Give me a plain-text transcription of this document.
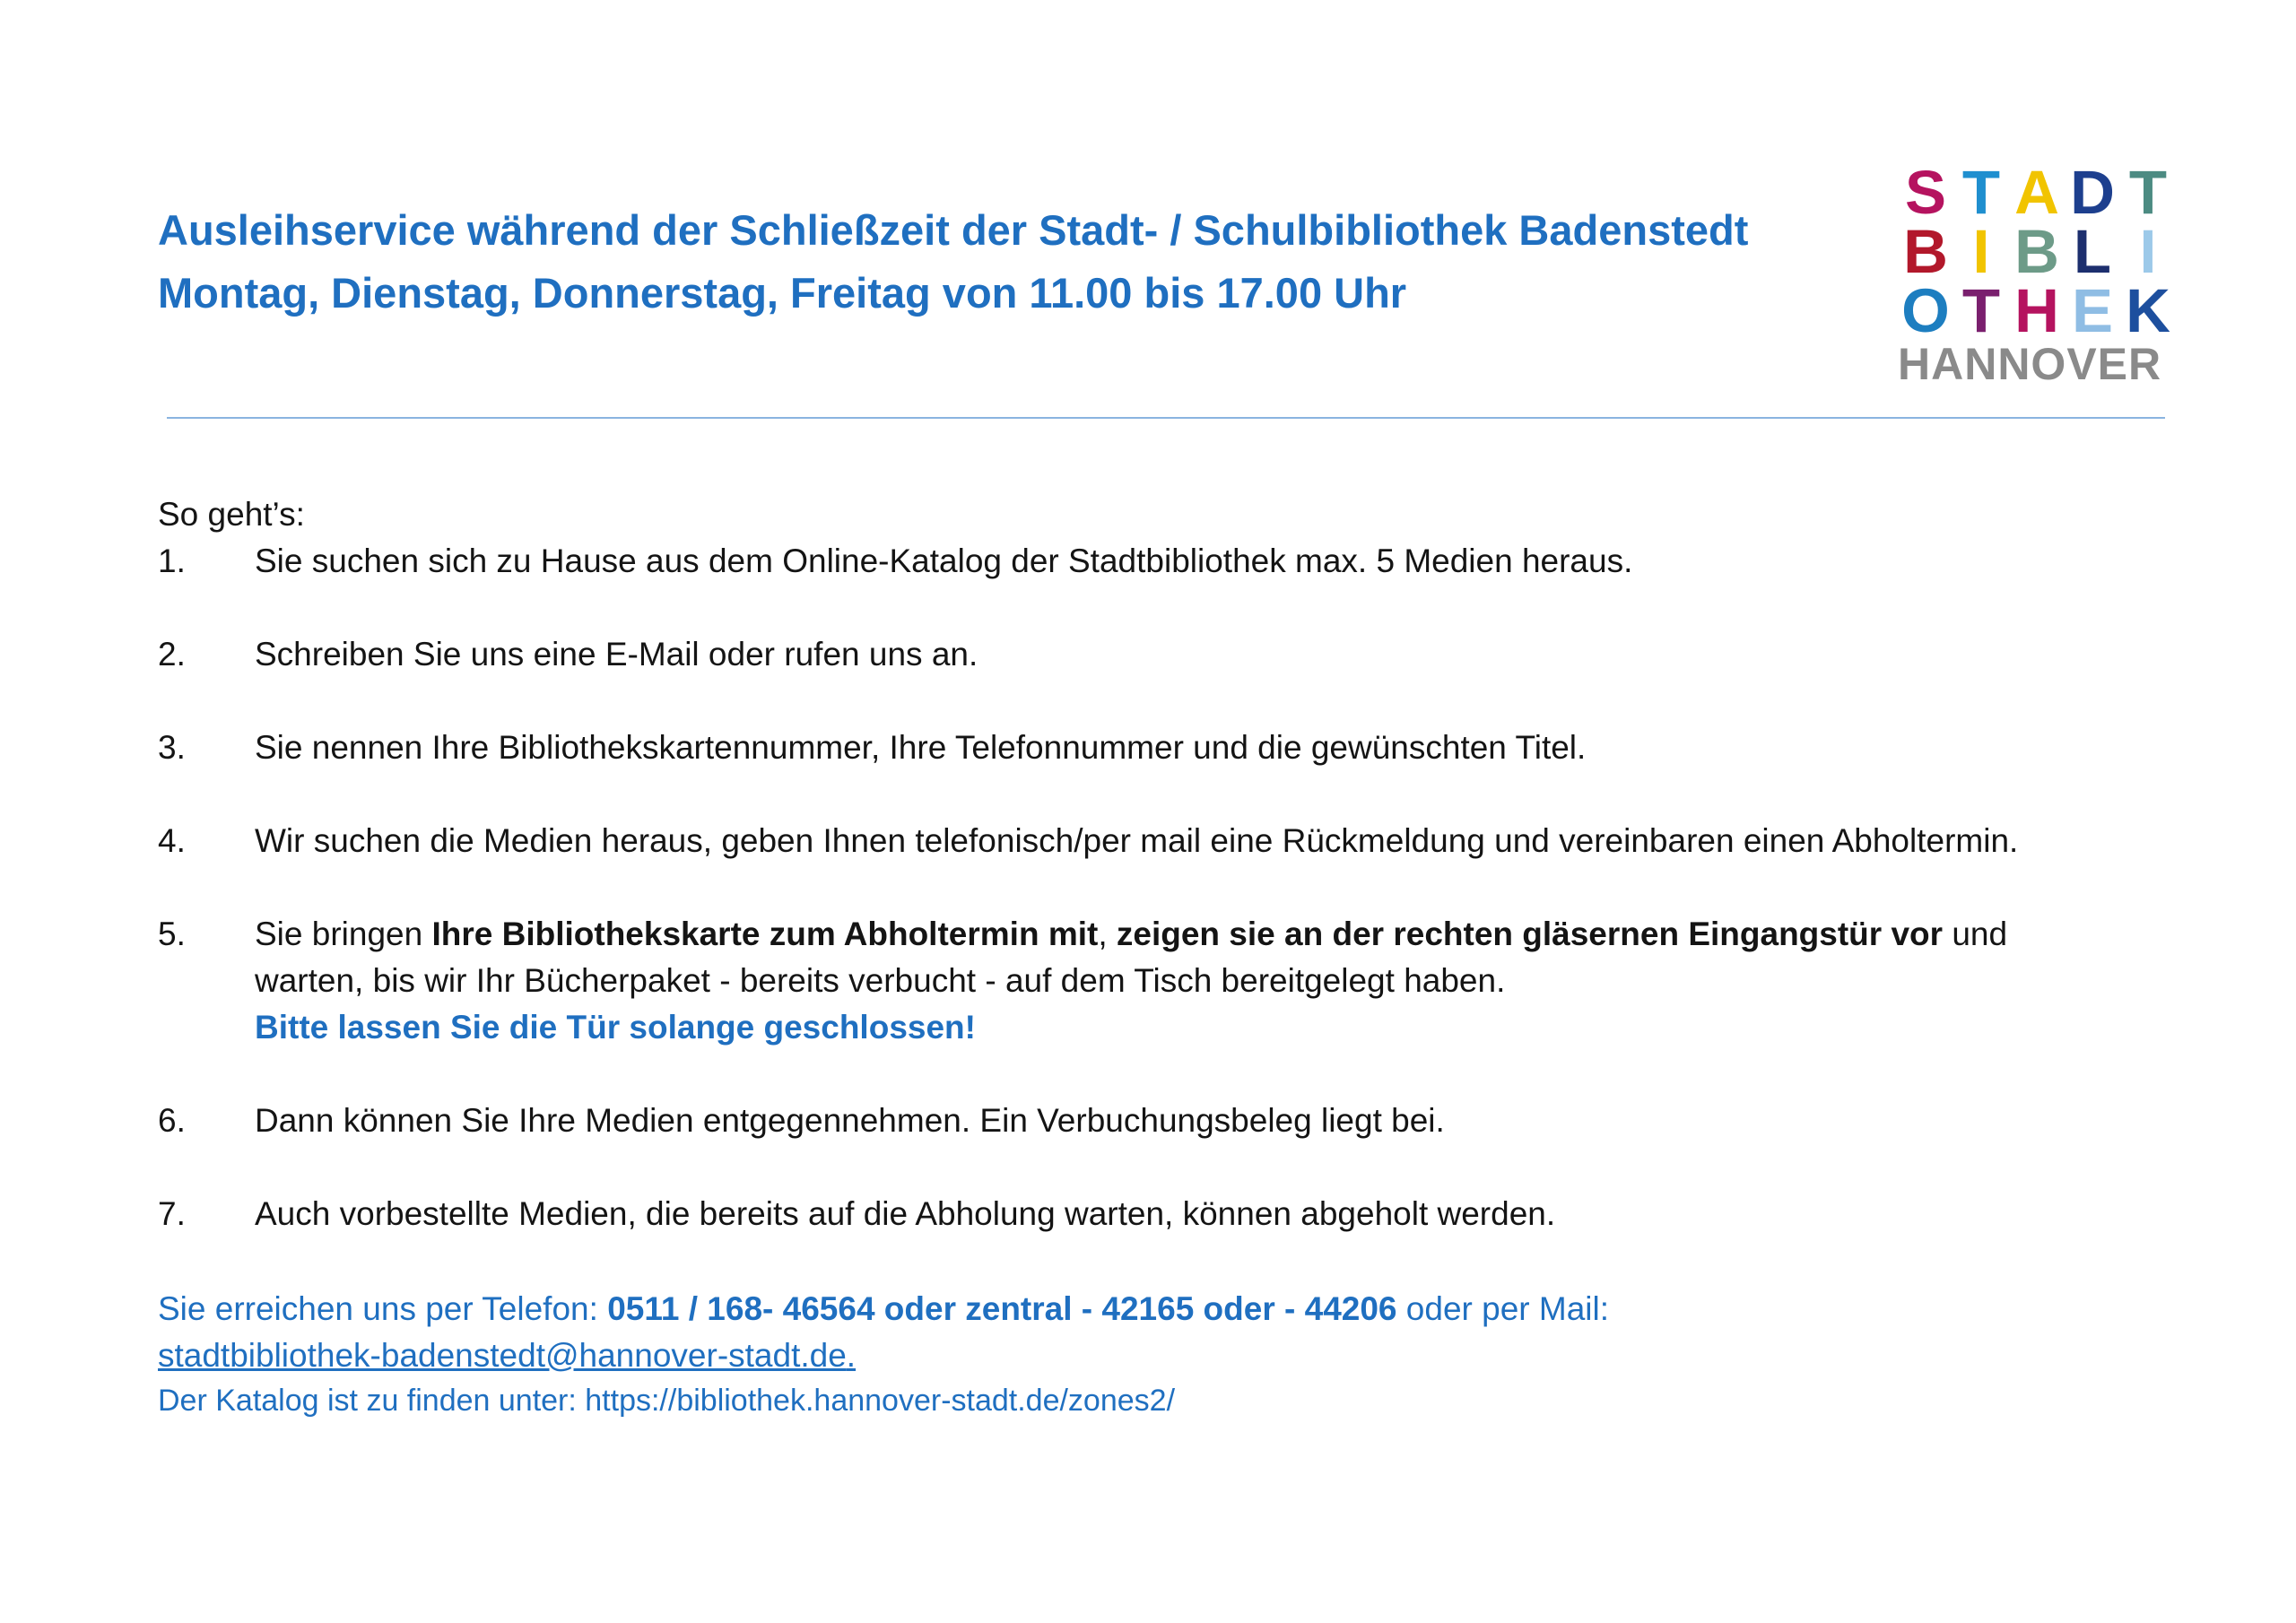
Ausleihservice während der Schließzeit der Stadt- / Schulbibliothek Badenstedt
Montag, Dienstag, Donnerstag, Freitag von 11.00 bis 17.00 Uhr
S T A D T
B I B L I
O T H E K
HANNOVER
So geht’s:
1.	Sie suchen sich zu Hause aus dem Online-Katalog der Stadtbibliothek max. 5 Medien heraus.
2.	Schreiben Sie uns eine E-Mail oder rufen uns an.
3.	Sie nennen Ihre Bibliothekskartennummer, Ihre Telefonnummer und die gewünschten Titel.
4.	Wir suchen die Medien heraus, geben Ihnen telefonisch/per mail eine Rückmeldung und vereinbaren einen Abholtermin.
5.	Sie bringen Ihre Bibliothekskarte zum Abholtermin mit, zeigen sie an der rechten gläsernen Eingangstür vor und
warten, bis wir Ihr Bücherpaket - bereits verbucht - auf dem Tisch bereitgelegt haben.
Bitte lassen Sie die Tür solange geschlossen!
6.	Dann können Sie Ihre Medien entgegennehmen. Ein Verbuchungsbeleg liegt bei.
7.	Auch vorbestellte Medien, die bereits auf die Abholung warten, können abgeholt werden.
Sie erreichen uns per Telefon: 0511 / 168- 46564 oder zentral - 42165 oder - 44206 oder per Mail:
stadtbibliothek-badenstedt@hannover-stadt.de.
Der Katalog ist zu finden unter: https://bibliothek.hannover-stadt.de/zones2/
